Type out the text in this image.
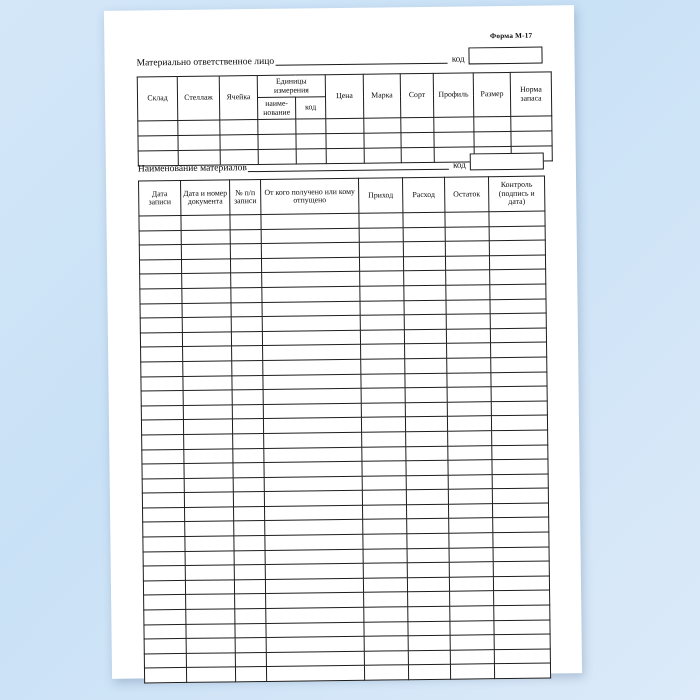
Форма М-17
Материально ответственное лицо	код
Склад	Стеллаж	Ячейка	Единицы измерения		Цена	Марка	Сорт	Профиль	Размер	Норма запаса
			наиме-нование	код						

Наименование материалов	код
Дата записи	Дата и номер документа	№ п/п записи	От кого получено или кому отпущено	Приход	Расход	Остаток	Контроль (подпись и дата)
